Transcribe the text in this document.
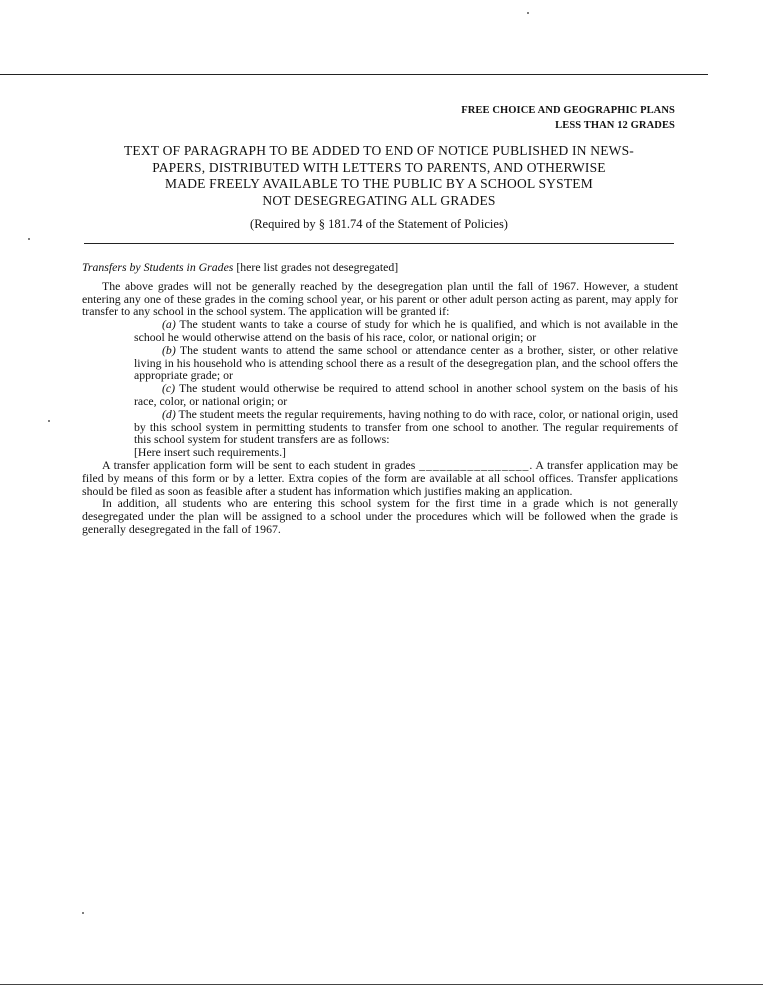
FREE CHOICE AND GEOGRAPHIC PLANS
LESS THAN 12 GRADES
TEXT OF PARAGRAPH TO BE ADDED TO END OF NOTICE PUBLISHED IN NEWS-
PAPERS, DISTRIBUTED WITH LETTERS TO PARENTS, AND OTHERWISE
MADE FREELY AVAILABLE TO THE PUBLIC BY A SCHOOL SYSTEM
NOT DESEGREGATING ALL GRADES
(Required by § 181.74 of the Statement of Policies)

Transfers by Students in Grades [here list grades not desegregated]

The above grades will not be generally reached by the desegregation plan until the fall of 1967. However, a student entering any one of these grades in the coming school year, or his parent or other adult person acting as parent, may apply for transfer to any school in the school system. The application will be granted if:

(a) The student wants to take a course of study for which he is qualified, and which is not available in the school he would otherwise attend on the basis of his race, color, or national origin; or

(b) The student wants to attend the same school or attendance center as a brother, sister, or other relative living in his household who is attending school there as a result of the desegregation plan, and the school offers the appropriate grade; or

(c) The student would otherwise be required to attend school in another school system on the basis of his race, color, or national origin; or

(d) The student meets the regular requirements, having nothing to do with race, color, or national origin, used by this school system in permitting students to transfer from one school to another. The regular requirements of this school system for student transfers are as follows:

[Here insert such requirements.]

A transfer application form will be sent to each student in grades ________________. A transfer application may be filed by means of this form or by a letter. Extra copies of the form are available at all school offices. Transfer applications should be filed as soon as feasible after a student has information which justifies making an application.

In addition, all students who are entering this school system for the first time in a grade which is not generally desegregated under the plan will be assigned to a school under the procedures which will be followed when the grade is generally desegregated in the fall of 1967.
